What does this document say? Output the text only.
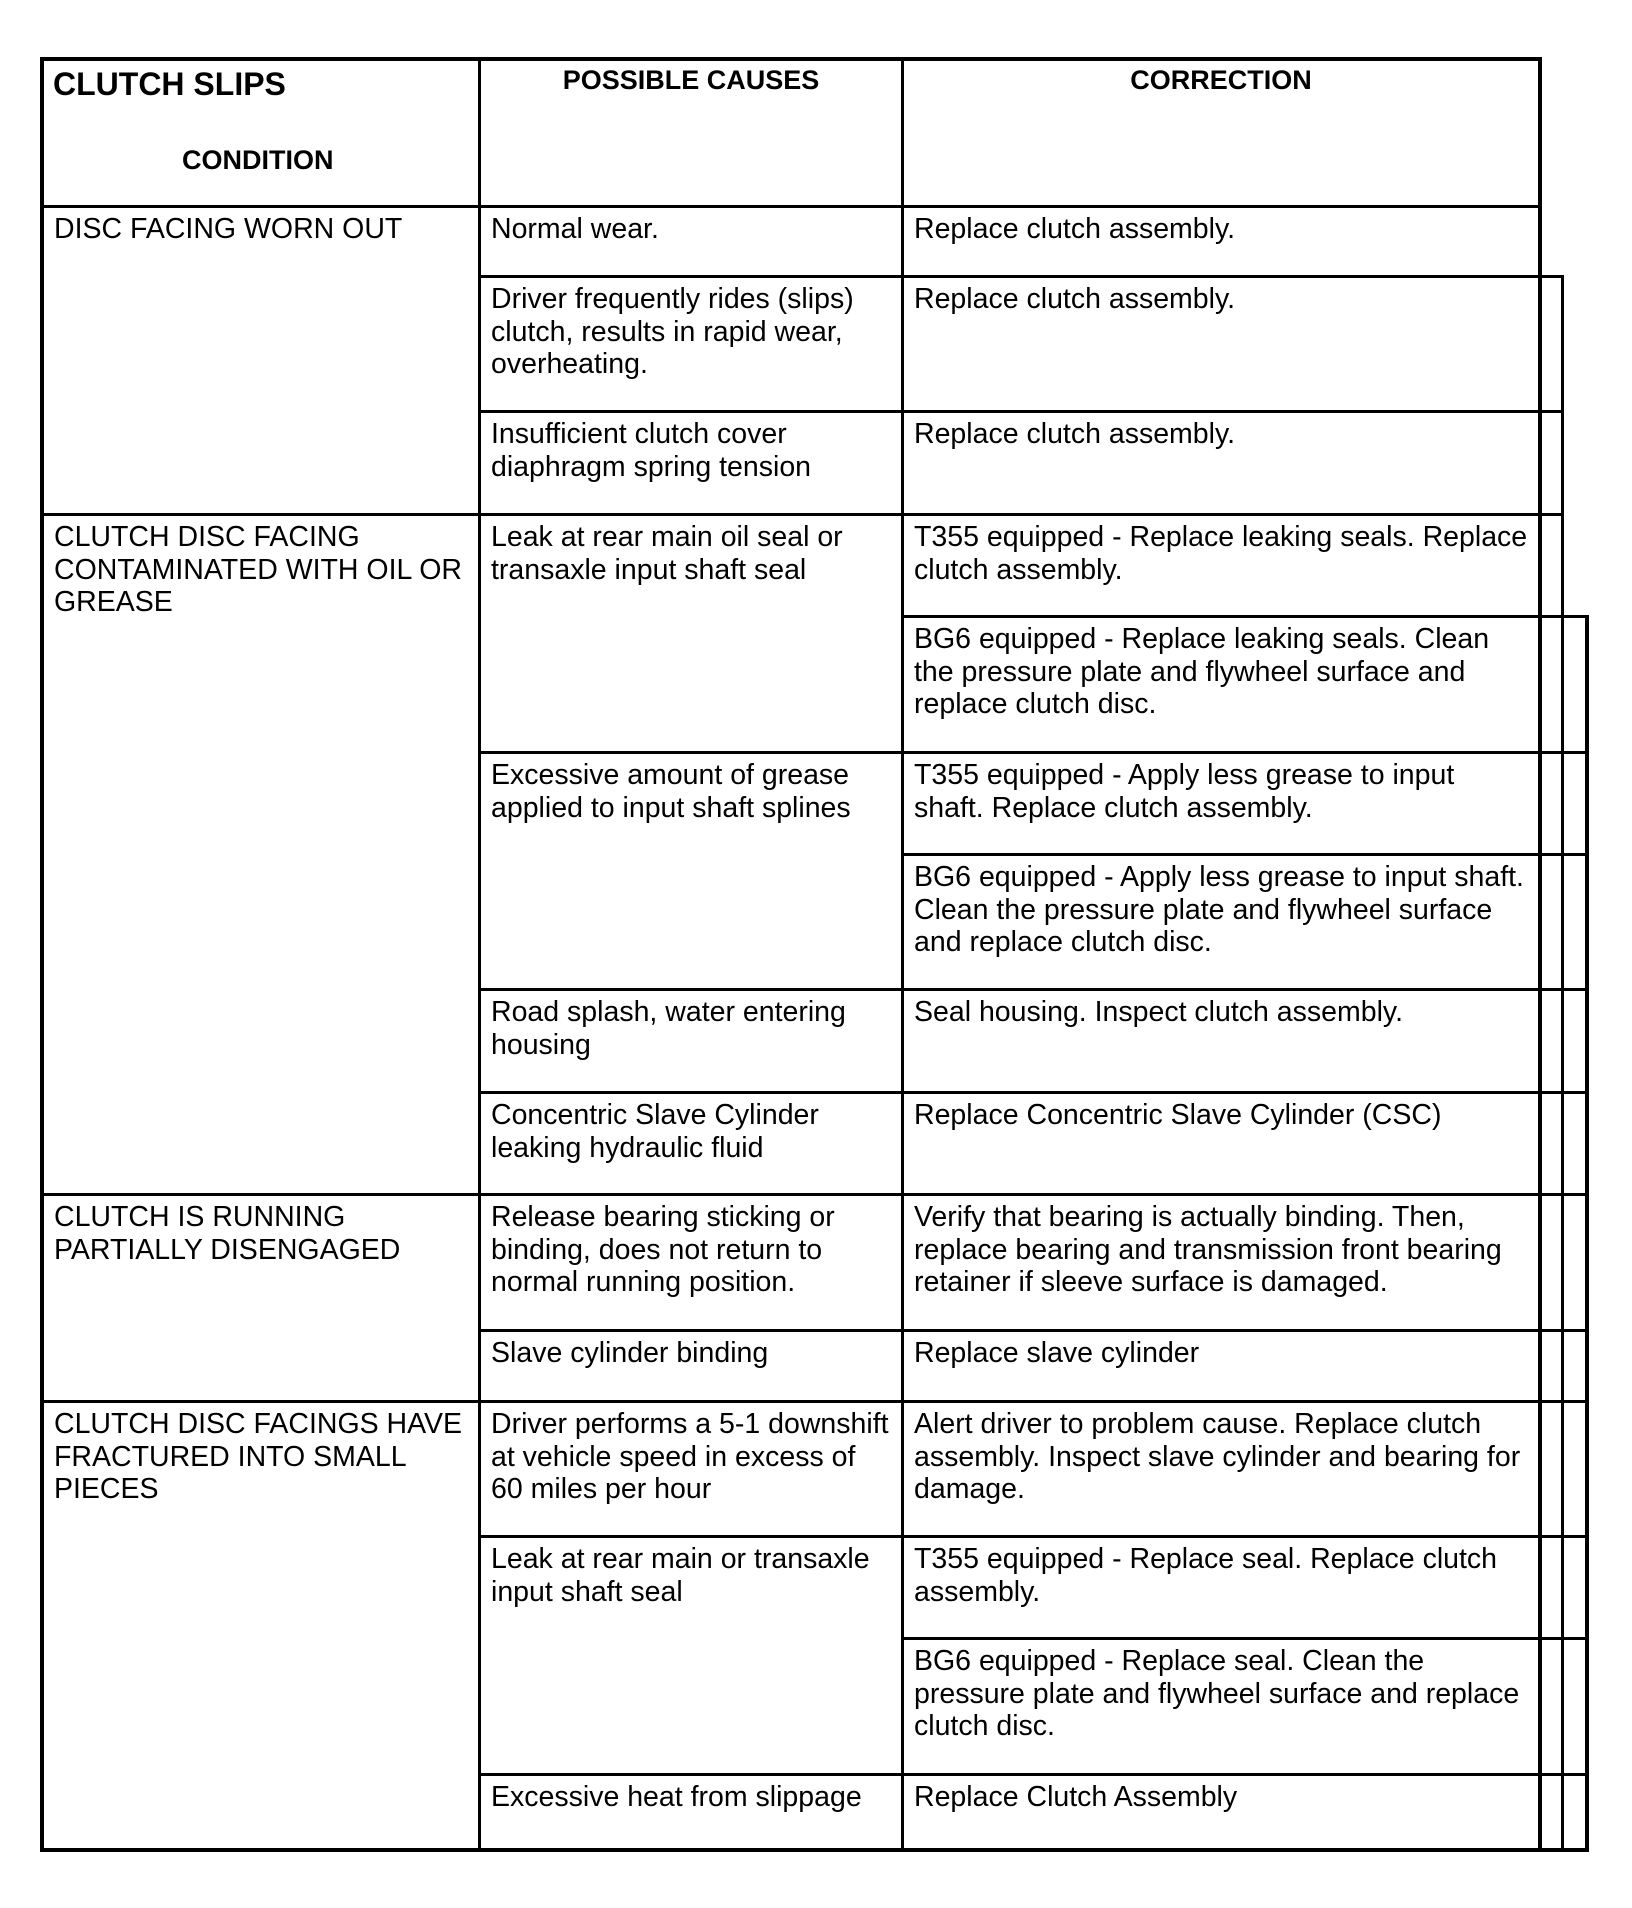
CLUTCH SLIPS
CONDITION
POSSIBLE CAUSES	CORRECTION
DISC FACING WORN OUT
CLUTCH DISC FACING CONTAMINATED WITH OIL OR GREASE
CLUTCH IS RUNNING PARTIALLY DISENGAGED
CLUTCH DISC FACINGS HAVE FRACTURED INTO SMALL PIECES
Normal wear.
Driver frequently rides (slips) clutch, results in rapid wear, overheating.
Insufficient clutch cover diaphragm spring tension
Leak at rear main oil seal or transaxle input shaft seal
Excessive amount of grease applied to input shaft splines
Road splash, water entering housing
Concentric Slave Cylinder leaking hydraulic fluid
Release bearing sticking or binding, does not return to normal running position.
Slave cylinder binding
Driver performs a 5-1 downshift at vehicle speed in excess of 60 miles per hour
Leak at rear main or transaxle input shaft seal
Excessive heat from slippage
Replace clutch assembly.
Replace clutch assembly.
Replace clutch assembly.
T355 equipped - Replace leaking seals. Replace clutch assembly.
BG6 equipped - Replace leaking seals. Clean the pressure plate and flywheel surface and replace clutch disc.
T355 equipped - Apply less grease to input shaft. Replace clutch assembly.
BG6 equipped - Apply less grease to input shaft. Clean the pressure plate and flywheel surface and replace clutch disc.
Seal housing. Inspect clutch assembly.
Replace Concentric Slave Cylinder (CSC)
Verify that bearing is actually binding. Then, replace bearing and transmission front bearing retainer if sleeve surface is damaged.
Replace slave cylinder
Alert driver to problem cause. Replace clutch assembly. Inspect slave cylinder and bearing for damage.
T355 equipped - Replace seal. Replace clutch assembly.
BG6 equipped - Replace seal. Clean the pressure plate and flywheel surface and replace clutch disc.
Replace Clutch Assembly
